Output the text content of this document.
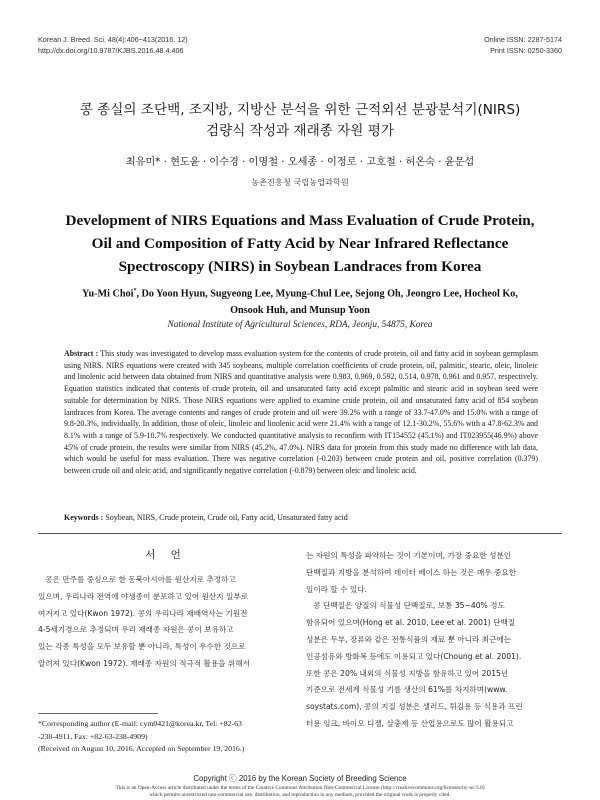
Korean J. Breed. Sci. 48(4):406~413(2016. 12)
http://dx.doi.org/10.9787/KJBS.2016.48.4.406
Online ISSN: 2287-5174
Print ISSN: 0250-3360
콩 종실의 조단백, 조지방, 지방산 분석을 위한 근적외선 분광분석기(NIRS)
검량식 작성과 재래종 자원 평가
최유미* · 현도윤 · 이수경 · 이명철 · 오세종 · 이정로 · 고호철 · 허온숙 · 윤문섭
농촌진흥청 국립농업과학원
Development of NIRS Equations and Mass Evaluation of Crude Protein,
Oil and Composition of Fatty Acid by Near Infrared Reflectance
Spectroscopy (NIRS) in Soybean Landraces from Korea
Yu-Mi Choi*, Do Yoon Hyun, Sugyeong Lee, Myung-Chul Lee, Sejong Oh, Jeongro Lee, Hocheol Ko,
Onsook Huh, and Munsup Yoon
National Institute of Agricultural Sciences, RDA, Jeonju, 54875, Korea
Abstract : This study was investigated to develop mass evaluation system for the contents of crude protein, oil and fatty acid in soybean germplasm using NIRS. NIRS equations were created with 345 soybeans, multiple correlation coefficients of crude protein, oil, palmitic, stearic, oleic, linoleic and linolenic acid between data obtained from NIRS and quantitative analysis were 0.983, 0.969, 0.592, 0.514, 0.978, 0.961 and 0.957, respectively. Equation statistics indicated that contents of crude protein, oil and unsaturated fatty acid except palmitic and stearic acid in soybean seed were suitable for determination by NIRS. Those NIRS equations were applied to examine crude protein, oil and unsaturated fatty acid of 854 soybean landraces from Korea. The average contents and ranges of crude protein and oil were 39.2% with a range of 33.7-47.0% and 15.0% with a range of 9.8-20.3%, individually. In addition, those of oleic, linoleic and linolenic acid were 21.4% with a range of 12.1-30.2%, 55.6% with a 47.8-62.3% and 8.1% with a range of 5.9-10.7% respectively. We conducted quantitative analysis to reconfirm with IT154552 (45.1%) and IT023955(46.9%) above 45% of crude protein, the results were similar from NIRS (45.2%, 47.0%). NIRS data for protein from this study made no difference with lab data, which would be useful for mass evaluation. There was negative correlation (-0.203) between crude protein and oil, positive correlation (0.379) between crude oil and oleic acid, and significantly negative correlation (-0.879) between oleic and linoleic acid.
Keywords : Soybean, NIRS, Crude protein, Crude oil, Fatty acid, Unsaturated fatty acid
서 언
콩은 만주를 중심으로 한 동북아시아를 원산지로 추정하고
있으며, 우리나라 전역에 야생종이 분포하고 있어 원산지 일부로
여겨지고 있다(Kwon 1972). 콩의 우리나라 재배역사는 기원전
4-5세기경으로 추정되며 우리 재래종 자원은 콩이 보유하고
있는 각종 특성을 모두 보유할 뿐 아니라, 특성이 우수한 것으로
알려져 있다(Kwon 1972). 재래종 자원의 적극적 활용을 위해서
는 자원의 특성을 파악하는 것이 기본이며, 가장 중요한 성분인
단백질과 지방을 분석하여 데이터 베이스 하는 것은 매우 중요한
일이라 할 수 있다.
콩 단백질은 양질의 식물성 단백질로, 보통 35~40% 정도
함유되어 있으며(Hong et al. 2010, Lee et al. 2001) 단백질
성분은 두부, 장류와 같은 전통식품의 재료 뿐 아니라 최근에는
인공섬유와 방화복 등에도 이용되고 있다(Choung et al. 2001).
또한 콩은 20% 내외의 식물성 지방을 함유하고 있어 2015년
기준으로 전세계 식물성 기름 생산의 61%를 차지하며(www.
soystats.com), 콩의 지질 성분은 샐러드, 튀김용 등 식용과 프린
터용 잉크, 바이오 디젤, 살충제 등 산업용으로도 많이 활용되고
*Corresponding author (E-mail: cym0421@korea.kr, Tel: +82-63
-238-4911, Fax: +82-63-238-4909)
(Received on August 10, 2016. Accepted on September 19, 2016.)
Copyright ⓒ 2016 by the Korean Society of Breeding Science
This is an Open-Access article distributed under the terms of the Creative Commons Attribution Non-Commercial License (http://creativecommons.org/licenses/by-nc/3.0)
which permits unrestricted non-commercial use, distribution, and reproduction in any medium, provided the original work is properly cited.
